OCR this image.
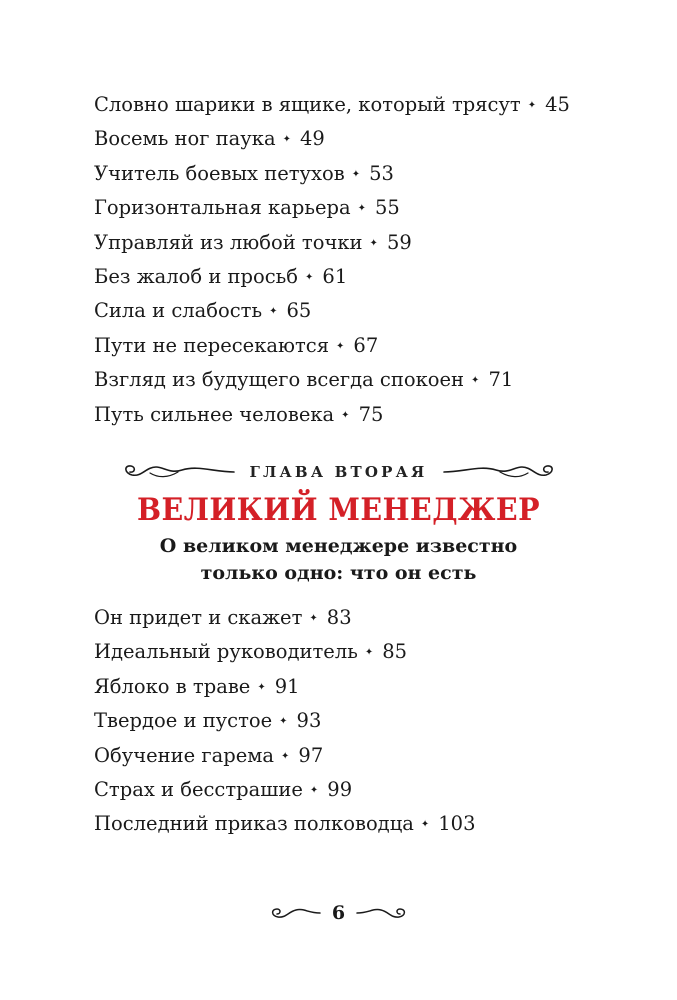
Словно шарики в ящике, который трясут ✦ 45
Восемь ног паука ✦ 49
Учитель боевых петухов ✦ 53
Горизонтальная карьера ✦ 55
Управляй из любой точки ✦ 59
Без жалоб и просьб ✦ 61
Сила и слабость ✦ 65
Пути не пересекаются ✦ 67
Взгляд из будущего всегда спокоен ✦ 71
Путь сильнее человека ✦ 75
ГЛАВА ВТОРАЯ
ВЕЛИКИЙ МЕНЕДЖЕР
О великом менеджере известно
только одно: что он есть
Он придет и скажет ✦ 83
Идеальный руководитель ✦ 85
Яблоко в траве ✦ 91
Твердое и пустое ✦ 93
Обучение гарема ✦ 97
Страх и бесстрашие ✦ 99
Последний приказ полководца ✦ 103
6
